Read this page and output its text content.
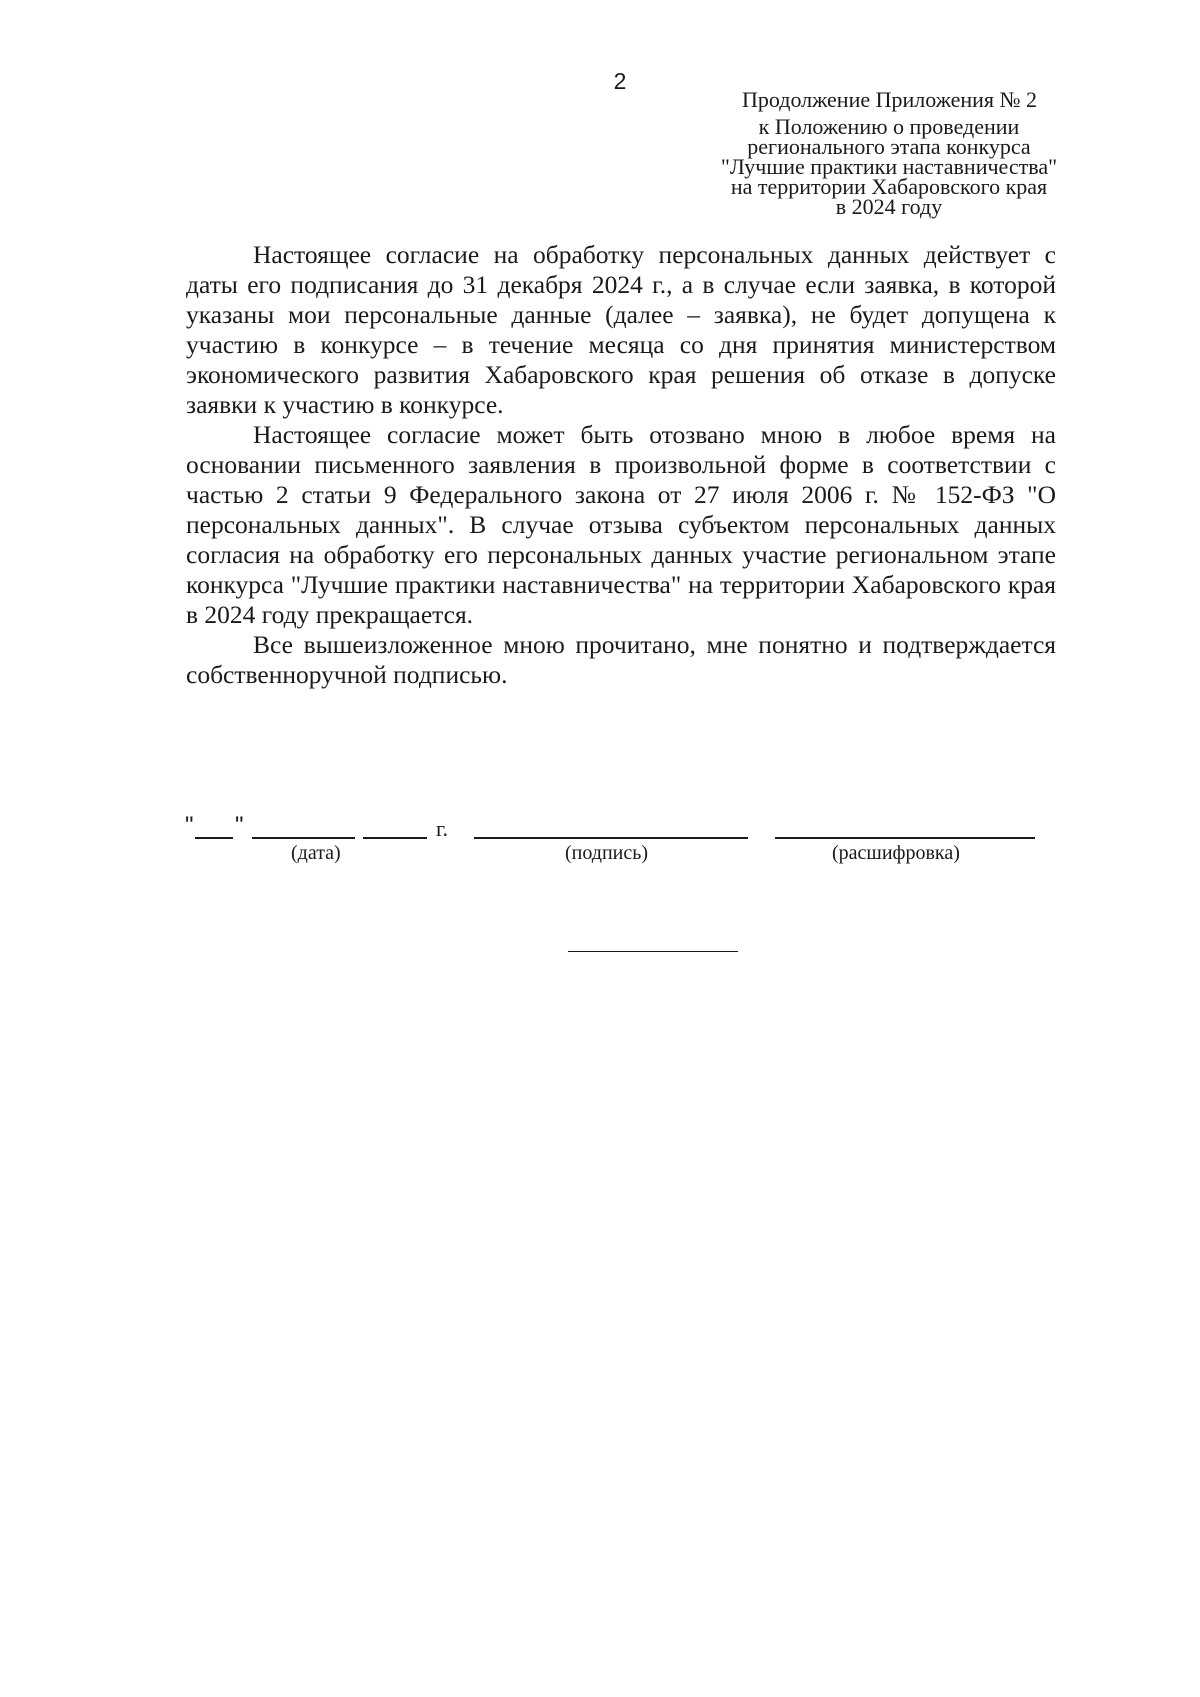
2
Продолжение Приложения № 2
к Положению о проведении
регионального этапа конкурса
"Лучшие практики наставничества"
на территории Хабаровского края
в 2024 году

Настоящее согласие на обработку персональных данных действует с даты его подписания до 31 декабря 2024 г., а в случае если заявка, в которой указаны мои персональные данные (далее – заявка), не будет допущена к участию в конкурсе – в течение месяца со дня принятия министерством экономического развития Хабаровского края решения об отказе в допуске заявки к участию в конкурсе.

Настоящее согласие может быть отозвано мною в любое время на основании письменного заявления в произвольной форме в соответствии с частью 2 статьи 9 Федерального закона от 27 июля 2006 г. № 152-ФЗ "О персональных данных". В случае отзыва субъектом персональных данных согласия на обработку его персональных данных участие региональном этапе конкурса "Лучшие практики наставничества" на территории Хабаровского края в 2024 году прекращается.

Все вышеизложенное мною прочитано, мне понятно и подтверждается собственноручной подписью.

" "	г.
(дата)	(подпись)	(расшифровка)
